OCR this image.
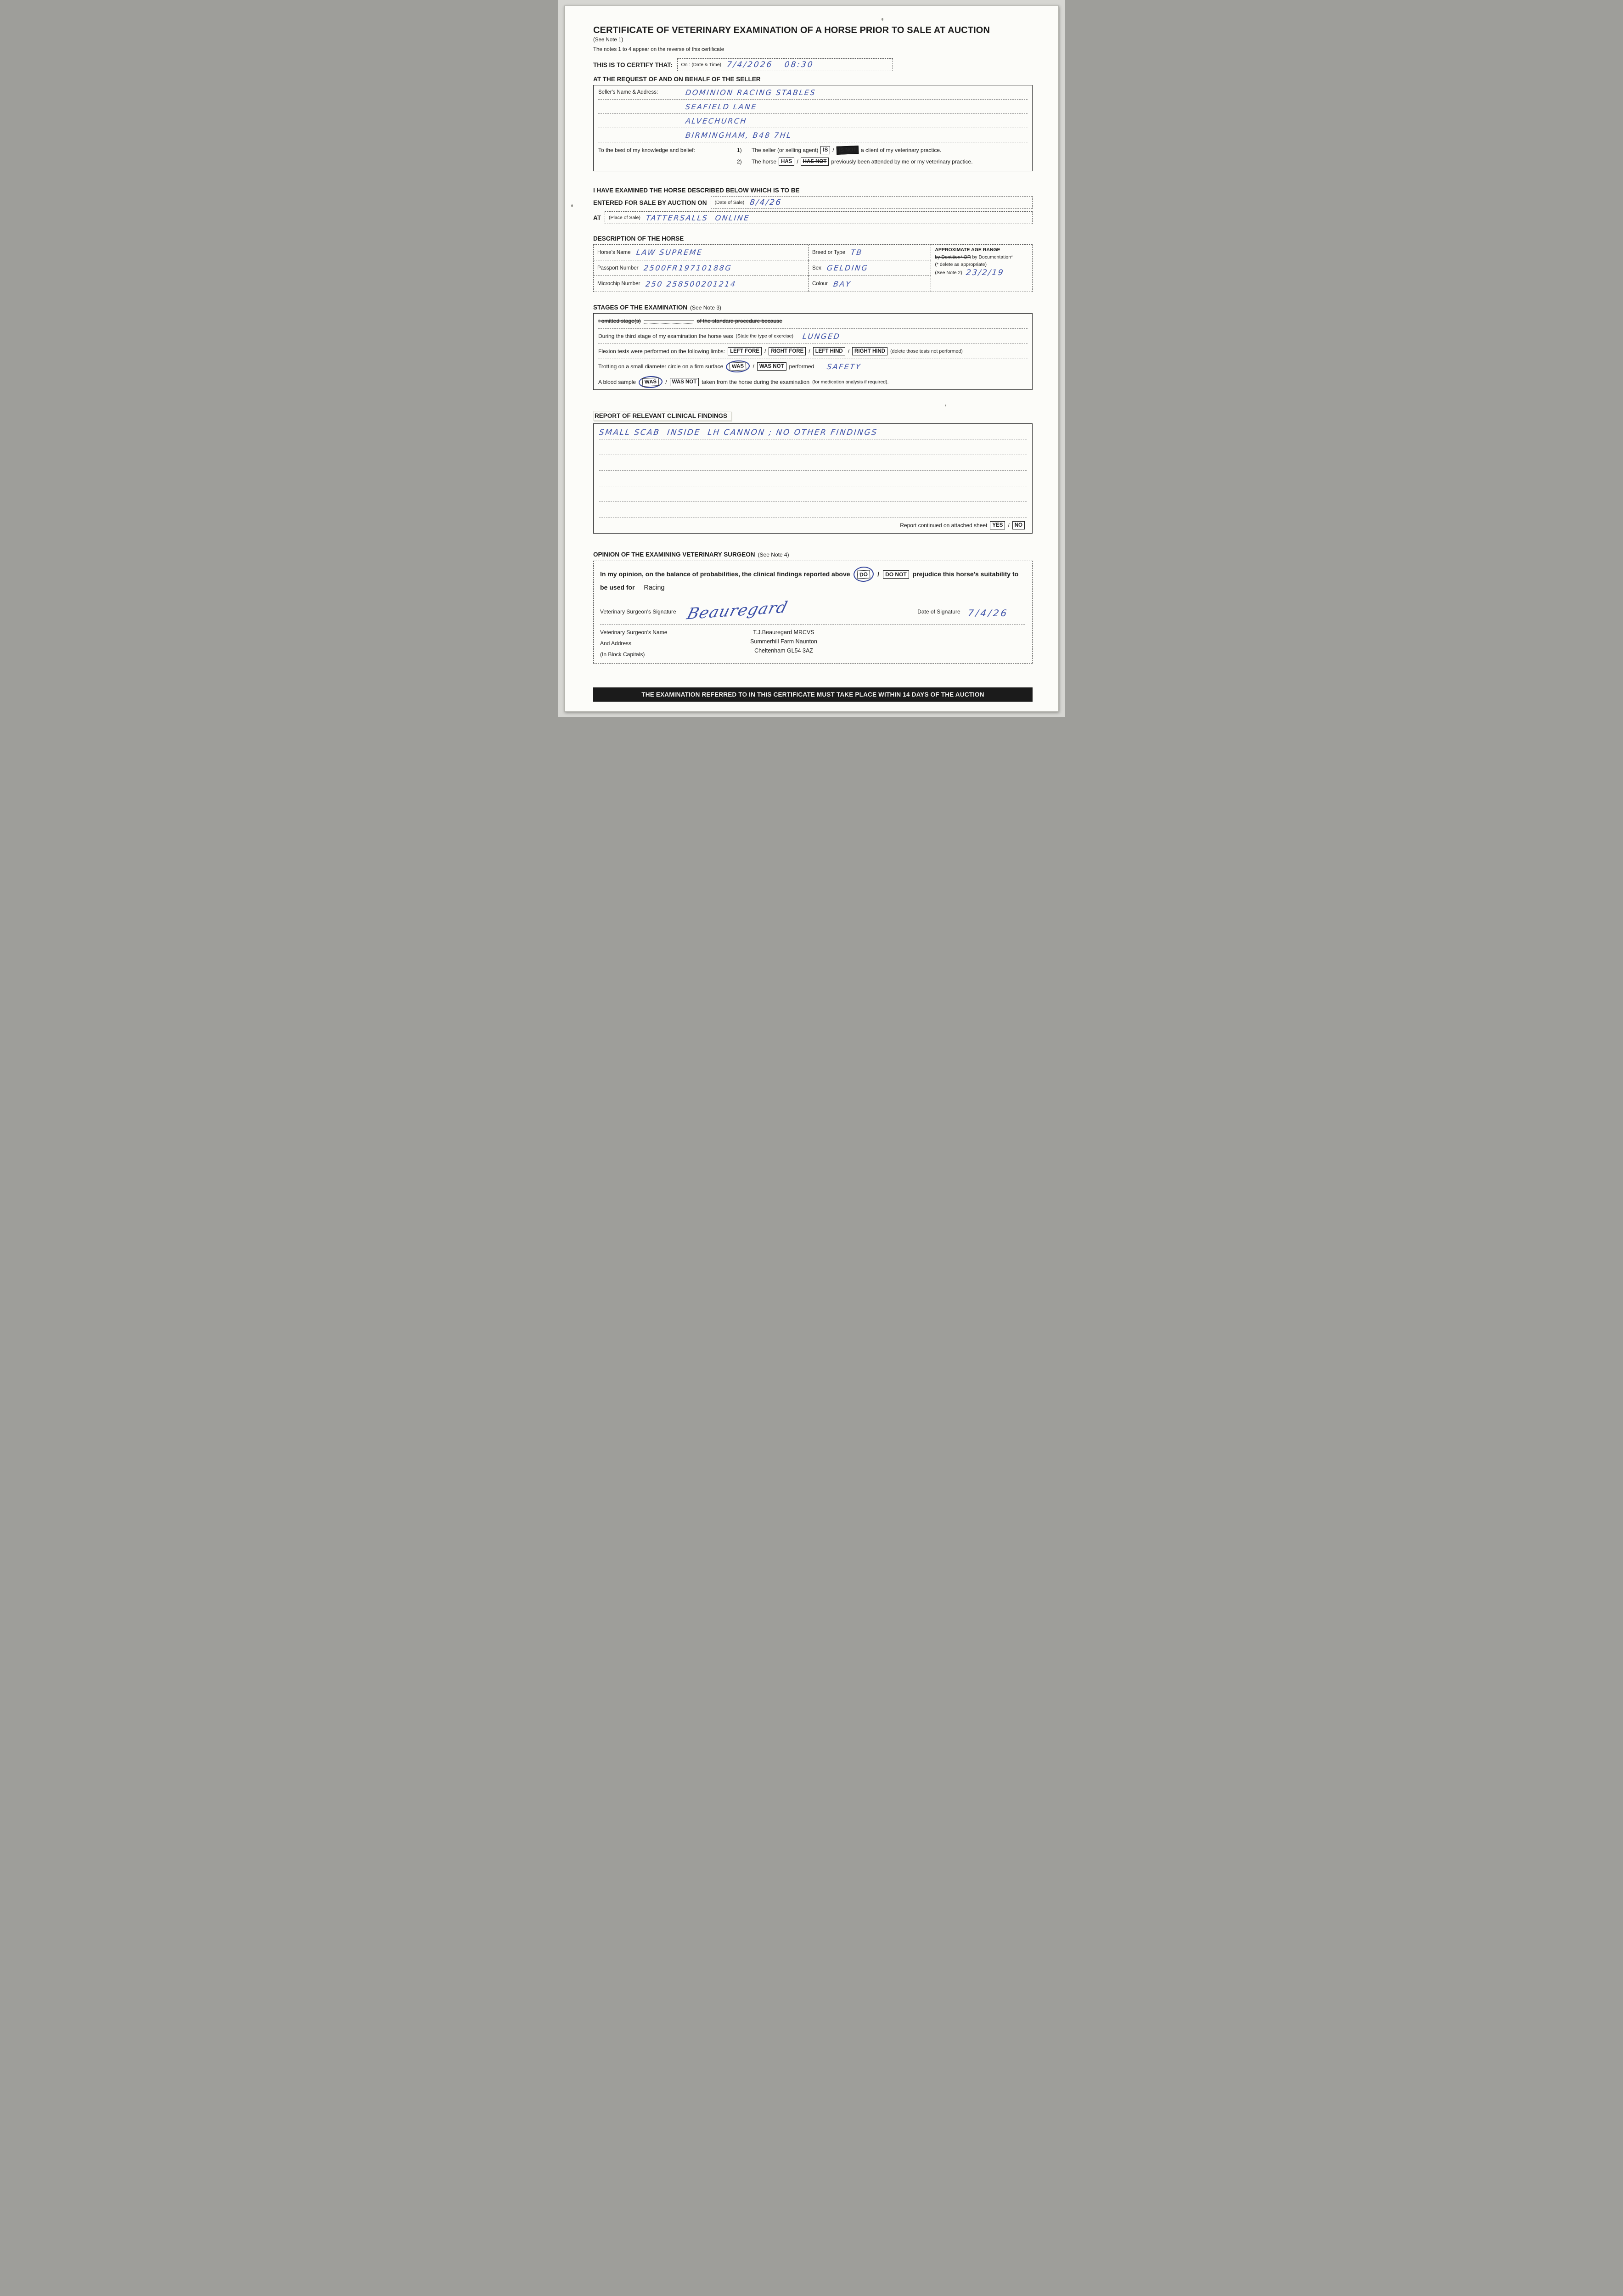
CERTIFICATE OF VETERINARY EXAMINATION OF A HORSE PRIOR TO SALE AT AUCTION
(See Note 1)
The notes 1 to 4 appear on the reverse of this certificate
THIS IS TO CERTIFY THAT: On : (Date & Time) 7/4/2026   08:30
AT THE REQUEST OF AND ON BEHALF OF THE SELLER
Seller's Name & Address:	DOMINION RACING STABLES
SEAFIELD LANE
ALVECHURCH
BIRMINGHAM, B48 7HL
To the best of my knowledge and belief:	1)	The seller (or selling agent) IS / IS NOT a client of my veterinary practice.
2)	The horse HAS / HAS NOT previously been attended by me or my veterinary practice.
I HAVE EXAMINED THE HORSE DESCRIBED BELOW WHICH IS TO BE
ENTERED FOR SALE BY AUCTION ON (Date of Sale) 8/4/26
AT (Place of Sale) TATTERSALLS  ONLINE
DESCRIPTION OF THE HORSE
Horse's Name LAW SUPREME	Breed or Type TB	APPROXIMATE AGE RANGE
by Dentition* OR by Documentation*
(* delete as appropriate)
(See Note 2) 23/2/19
Passport Number 2500FR19710188G	Sex GELDING
Microchip Number 250 258500201214	Colour BAY
STAGES OF THE EXAMINATION (See Note 3)
I omitted stage(s)	of the standard procedure because
During the third stage of my examination the horse was (State the type of exercise) LUNGED
Flexion tests were performed on the following limbs: LEFT FORE / RIGHT FORE / LEFT HIND / RIGHT HIND	(delete those tests not performed)
Trotting on a small diameter circle on a firm surface	WAS	/ WAS NOT performed SAFETY
A blood sample	WAS	/ WAS NOT taken from the horse during the examination (for medication analysis if required).
REPORT OF RELEVANT CLINICAL FINDINGS
SMALL SCAB  INSIDE  LH CANNON ; NO OTHER FINDINGS
Report continued on attached sheet YES / NO
OPINION OF THE EXAMINING VETERINARY SURGEON (See Note 4)
In my opinion, on the balance of probabilities, the clinical findings reported above DO / DO NOT prejudice this horse's suitability to be used for Racing
Veterinary Surgeon's Signature Beauregard	Date of Signature 7/4/26
Veterinary Surgeon's Name
And Address
(In Block Capitals)
T.J.Beauregard MRCVS
Summerhill Farm Naunton
Cheltenham GL54 3AZ
THE EXAMINATION REFERRED TO IN THIS CERTIFICATE MUST TAKE PLACE WITHIN 14 DAYS OF THE AUCTION
